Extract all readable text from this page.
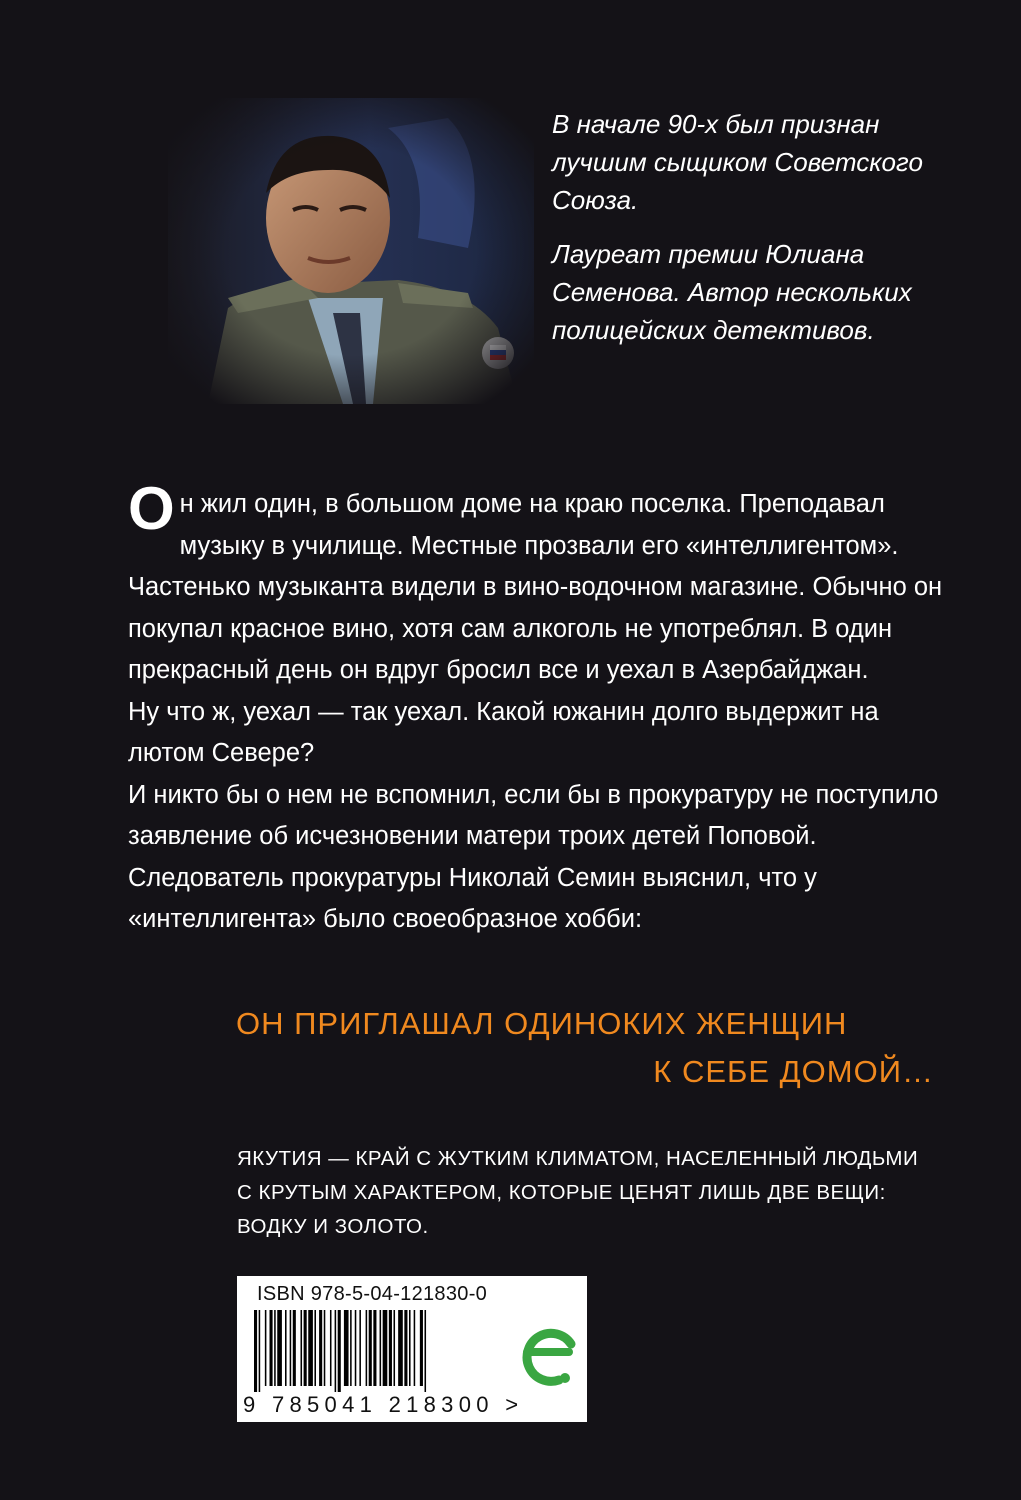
В начале 90-х был признан лучшим сыщиком Советского Союза.

Лауреат премии Юлиана Семенова. Автор нескольких полицейских детективов.

Он жил один, в большом доме на краю поселка. Преподавал музыку в училище. Местные прозвали его «интеллигентом». Частенько музыканта видели в вино-водочном магазине. Обычно он покупал красное вино, хотя сам алкоголь не употреблял. В один прекрасный день он вдруг бросил все и уехал в Азербайджан.

Ну что ж, уехал — так уехал. Какой южанин долго выдержит на лютом Севере?

И никто бы о нем не вспомнил, если бы в прокуратуру не поступило заявление об исчезновении матери троих детей Поповой. Следователь прокуратуры Николай Семин выяснил, что у «интеллигента» было своеобразное хобби:

ОН ПРИГЛАШАЛ ОДИНОКИХ ЖЕНЩИН
К СЕБЕ ДОМОЙ…
ЯКУТИЯ — КРАЙ С ЖУТКИМ КЛИМАТОМ, НАСЕЛЕННЫЙ ЛЮДЬМИ С КРУТЫМ ХАРАКТЕРОМ, КОТОРЫЕ ЦЕНЯТ ЛИШЬ ДВЕ ВЕЩИ: ВОДКУ И ЗОЛОТО.
ISBN 978-5-04-121830-0
9 785041 218300 >
